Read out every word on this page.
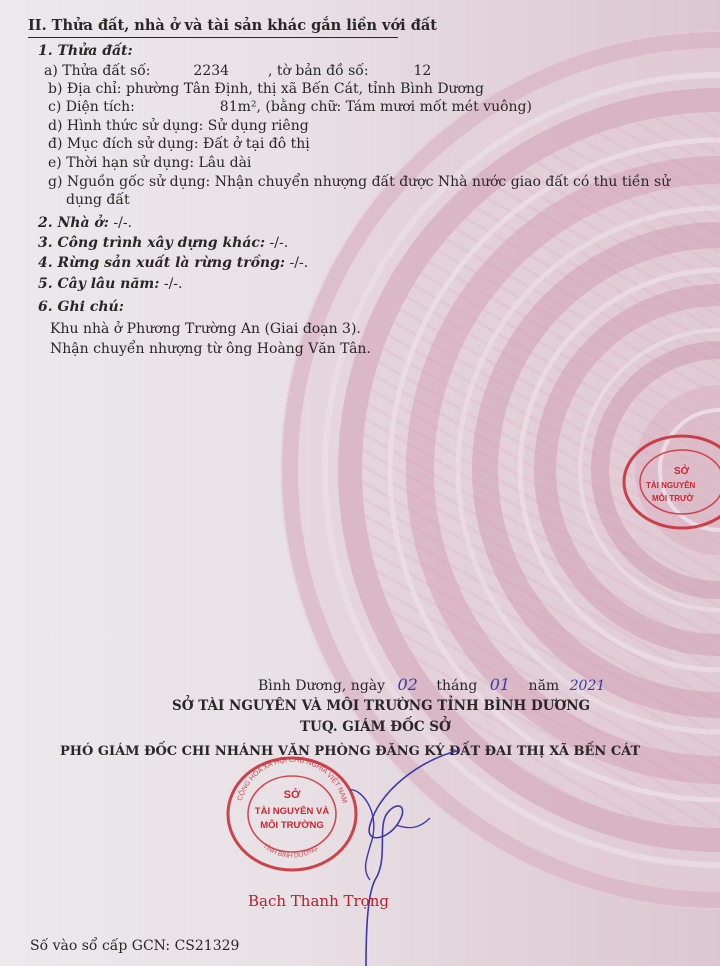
II. Thửa đất, nhà ở và tài sản khác gắn liền với đất
1. Thửa đất:
a) Thửa đất số:	2234	, tờ bản đồ số:	12
b) Địa chỉ: phường Tân Định, thị xã Bến Cát, tỉnh Bình Dương
c) Diện tích:	81m², (bằng chữ: Tám mươi mốt mét vuông)
d) Hình thức sử dụng: Sử dụng riêng
đ) Mục đích sử dụng: Đất ở tại đô thị
e) Thời hạn sử dụng: Lâu dài
g) Nguồn gốc sử dụng: Nhận chuyển nhượng đất được Nhà nước giao đất có thu tiền sử
dụng đất
2. Nhà ở: -/-.
3. Công trình xây dựng khác: -/-.
4. Rừng sản xuất là rừng trồng: -/-.
5. Cây lâu năm: -/-.
6. Ghi chú:
Khu nhà ở Phương Trường An (Giai đoạn 3).
Nhận chuyển nhượng từ ông Hoàng Văn Tân.
Bình Dương, ngày 02 tháng 01 năm 2021
SỞ TÀI NGUYÊN VÀ MÔI TRƯỜNG TỈNH BÌNH DƯƠNG
TUQ. GIÁM ĐỐC SỞ
PHÓ GIÁM ĐỐC CHI NHÁNH VĂN PHÒNG ĐĂNG KÝ ĐẤT ĐAI THỊ XÃ BẾN CÁT
CỘNG HÒA XÃ HỘI CHỦ NGHĨA VIỆT NAM
SỞ
TÀI NGUYÊN VÀ
MÔI TRƯỜNG
TỈNH BÌNH DƯƠNG
Bạch Thanh Trọng
Số vào sổ cấp GCN: CS21329
SỞ
TÀI NGUYÊN
MÔI TRƯỜ
